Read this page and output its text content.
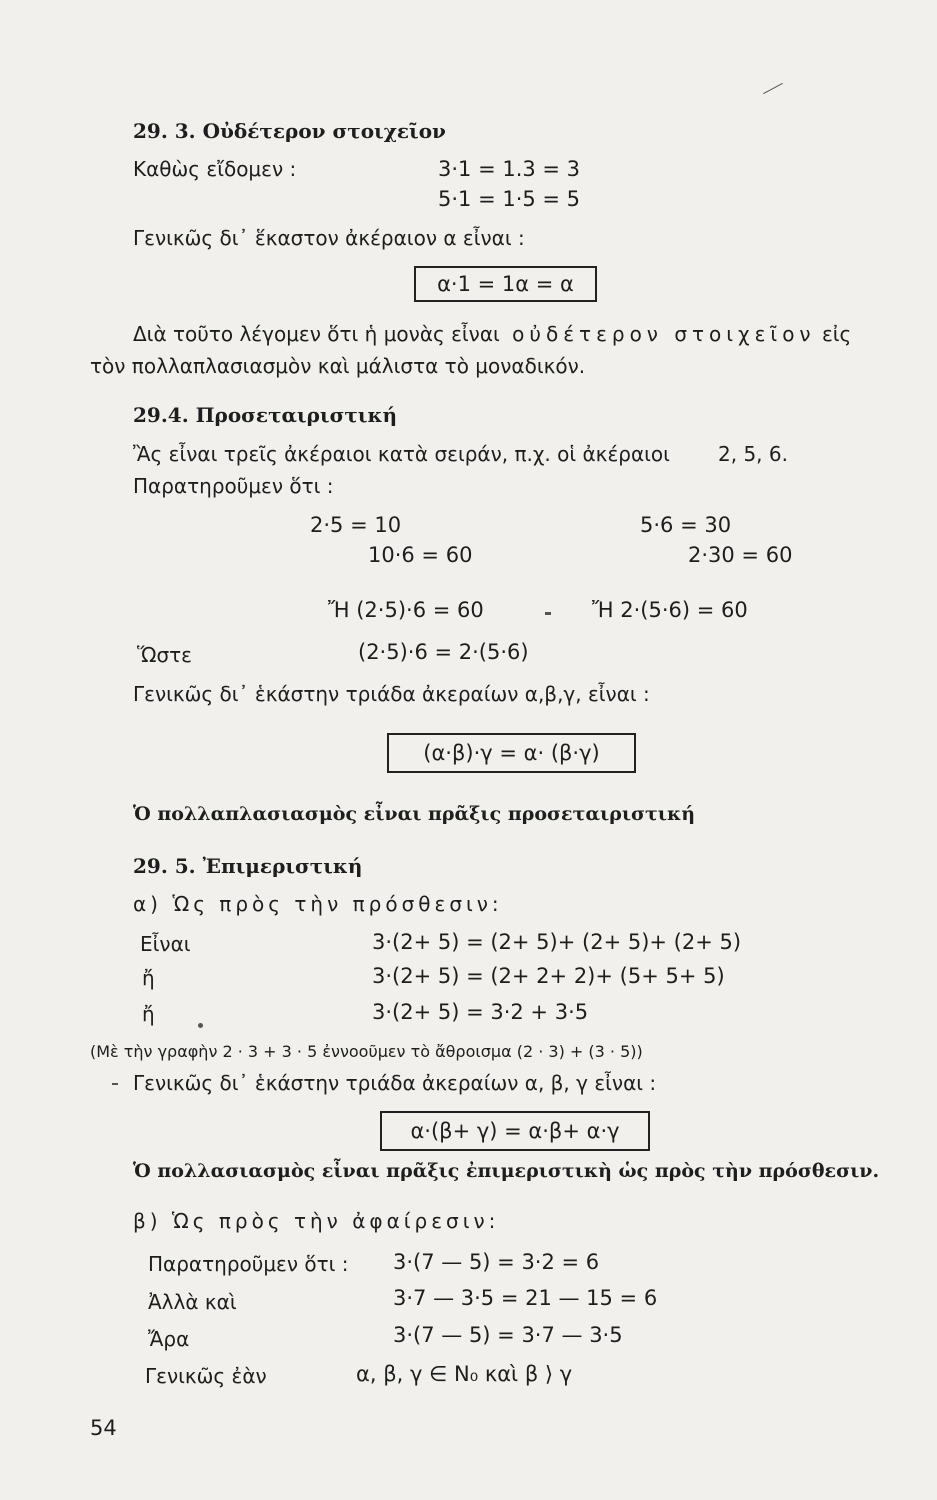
29. 3. Οὐδέτερον στοιχεῖον
Καθὼς εἴδομεν :	3·1 = 1.3 = 3
5·1 = 1·5 = 5
Γενικῶς δι᾽ ἕκαστον ἀκέραιον α εἶναι :
α·1 = 1α = α
Διὰ τοῦτο λέγομεν ὅτι ἡ μονὰς εἶναι οὐδέτερον στοιχεῖον εἰς
τὸν πολλαπλασιασμὸν καὶ μάλιστα τὸ μοναδικόν.
29.4. Προσεταιριστική
Ἂς εἶναι τρεῖς ἀκέραιοι κατὰ σειράν, π.χ. οἱ ἀκέραιοι 2, 5, 6.
Παρατηροῦμεν ὅτι :
2·5 = 10
10·6 = 60
5·6 = 30
2·30 = 60
Ἤ (2·5)·6 = 60	Ἤ 2·(5·6) = 60
Ὥστε	(2·5)·6 = 2·(5·6)
Γενικῶς δι᾽ ἑκάστην τριάδα ἀκεραίων α,β,γ, εἶναι :
(α·β)·γ = α· (β·γ)
Ὁ πολλαπλασιασμὸς εἶναι πρᾶξις προσεταιριστική
29. 5. Ἐπιμεριστική
α) Ὡς πρὸς τὴν πρόσθεσιν:
Εἶναι	3·(2+ 5) = (2+ 5)+ (2+ 5)+ (2+ 5)
ἤ	3·(2+ 5) = (2+ 2+ 2)+ (5+ 5+ 5)
ἤ	3·(2+ 5) = 3·2 + 3·5
(Μὲ τὴν γραφὴν 2 · 3 + 3 · 5 ἐννοοῦμεν τὸ ἄθροισμα (2 · 3) + (3 · 5))
Γενικῶς δι᾽ ἑκάστην τριάδα ἀκεραίων α, β, γ εἶναι :
α·(β+ γ) = α·β+ α·γ
Ὁ πολλασιασμὸς εἶναι πρᾶξις ἐπιμεριστικὴ ὡς πρὸς τὴν πρόσθεσιν.
β) Ὡς πρὸς τὴν ἀφαίρεσιν:
Παρατηροῦμεν ὅτι : 3·(7 — 5) = 3·2 = 6
Ἀλλὰ καὶ	3·7 — 3·5 = 21 — 15 = 6
Ἄρα	3·(7 — 5) = 3·7 — 3·5
Γενικῶς ἐὰν	α, β, γ ∈ N₀ καὶ β ⟩ γ
54
